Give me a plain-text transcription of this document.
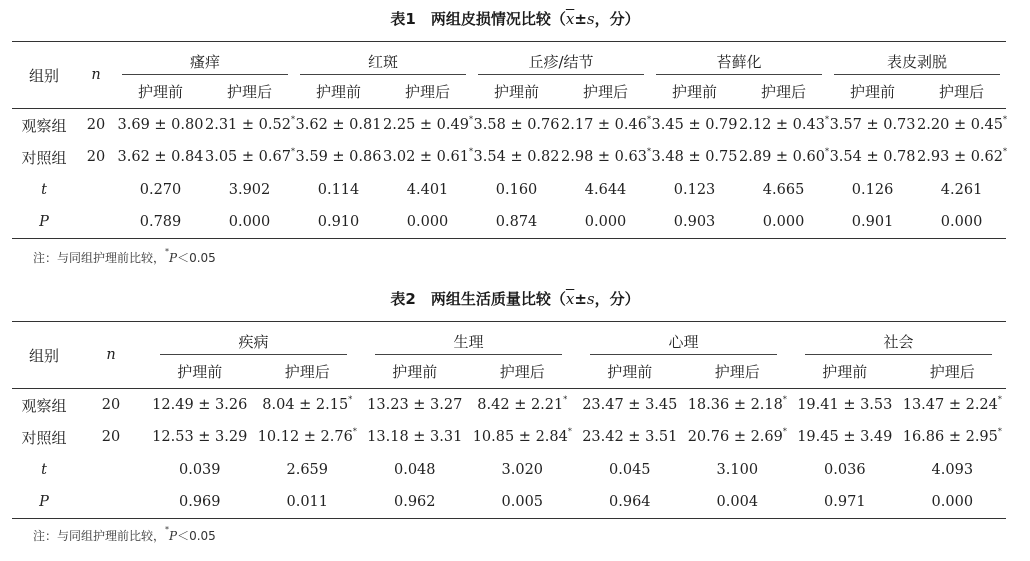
表1　两组皮损情况比较（$\overline{x}\pm s$，分）
组别	n	瘙痒		红斑		丘疹/结节		苔藓化		表皮剥脱	

		护理前	护理后	护理前	护理后	护理前	护理后	护理前	护理后	护理前	护理后
观察组	20	3.69 ± 0.80	2.31 ± 0.52*	3.62 ± 0.81	2.25 ± 0.49*	3.58 ± 0.76	2.17 ± 0.46*	3.45 ± 0.79	2.12 ± 0.43*	3.57 ± 0.73	2.20 ± 0.45*
对照组	20	3.62 ± 0.84	3.05 ± 0.67*	3.59 ± 0.86	3.02 ± 0.61*	3.54 ± 0.82	2.98 ± 0.63*	3.48 ± 0.75	2.89 ± 0.60*	3.54 ± 0.78	2.93 ± 0.62*
t		0.270	3.902	0.114	4.401	0.160	4.644	0.123	4.665	0.126	4.261
P		0.789	0.000	0.910	0.000	0.874	0.000	0.903	0.000	0.901	0.000
注：与同组护理前比较，*P＜0.05
表2　两组生活质量比较（$\overline{x}\pm s$，分）
组别	n	疾病		生理		心理		社会	

		护理前	护理后	护理前	护理后	护理前	护理后	护理前	护理后
观察组	20	12.49 ± 3.26	8.04 ± 2.15*	13.23 ± 3.27	8.42 ± 2.21*	23.47 ± 3.45	18.36 ± 2.18*	19.41 ± 3.53	13.47 ± 2.24*
对照组	20	12.53 ± 3.29	10.12 ± 2.76*	13.18 ± 3.31	10.85 ± 2.84*	23.42 ± 3.51	20.76 ± 2.69*	19.45 ± 3.49	16.86 ± 2.95*
t		0.039	2.659	0.048	3.020	0.045	3.100	0.036	4.093
P		0.969	0.011	0.962	0.005	0.964	0.004	0.971	0.000
注：与同组护理前比较，*P＜0.05
